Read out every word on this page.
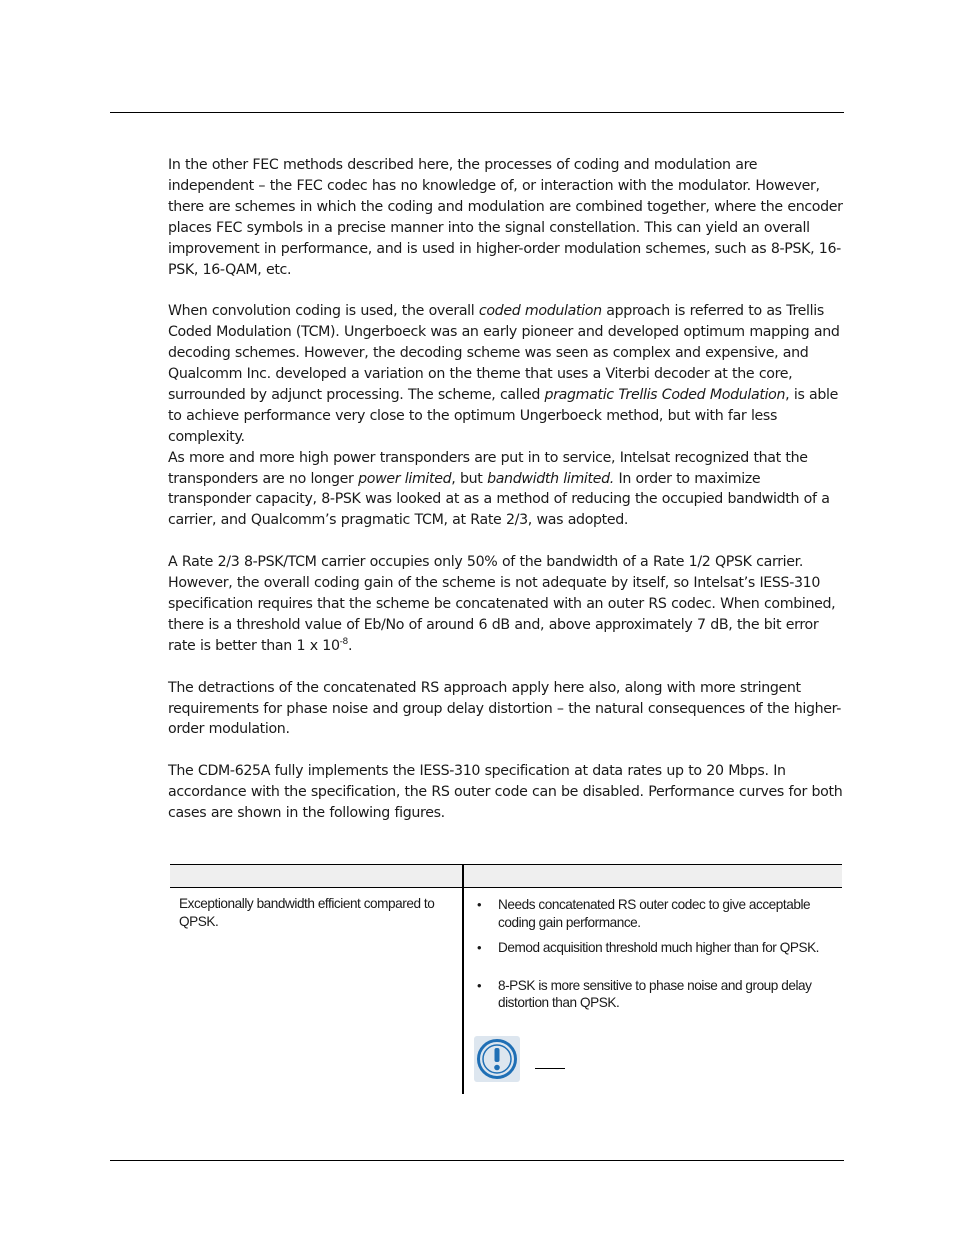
In the other FEC methods described here, the processes of coding and modulation are independent – the FEC codec has no knowledge of, or interaction with the modulator. However, there are schemes in which the coding and modulation are combined together, where the encoder places FEC symbols in a precise manner into the signal constellation. This can yield an overall improvement in performance, and is used in higher-order modulation schemes, such as 8-PSK, 16-PSK, 16-QAM, etc.

When convolution coding is used, the overall coded modulation approach is referred to as Trellis Coded Modulation (TCM). Ungerboeck was an early pioneer and developed optimum mapping and decoding schemes. However, the decoding scheme was seen as complex and expensive, and Qualcomm Inc. developed a variation on the theme that uses a Viterbi decoder at the core, surrounded by adjunct processing. The scheme, called pragmatic Trellis Coded Modulation, is able to achieve performance very close to the optimum Ungerboeck method, but with far less complexity.

As more and more high power transponders are put in to service, Intelsat recognized that the transponders are no longer power limited, but bandwidth limited. In order to maximize transponder capacity, 8-PSK was looked at as a method of reducing the occupied bandwidth of a carrier, and Qualcomm’s pragmatic TCM, at Rate 2/3, was adopted.

A Rate 2/3 8-PSK/TCM carrier occupies only 50% of the bandwidth of a Rate 1/2 QPSK carrier. However, the overall coding gain of the scheme is not adequate by itself, so Intelsat’s IESS-310 specification requires that the scheme be concatenated with an outer RS codec. When combined, there is a threshold value of Eb/No of around 6 dB and, above approximately 7 dB, the bit error rate is better than 1 x $10^{-8}$.

The detractions of the concatenated RS approach apply here also, along with more stringent requirements for phase noise and group delay distortion – the natural consequences of the higher-order modulation.

The CDM-625A fully implements the IESS-310 specification at data rates up to 20 Mbps. In accordance with the specification, the RS outer code can be disabled. Performance curves for both cases are shown in the following figures.

Exceptionally bandwidth efficient compared to QPSK.
• Needs concatenated RS outer codec to give acceptable coding gain performance.
• Demod acquisition threshold much higher than for QPSK.
• 8-PSK is more sensitive to phase noise and group delay distortion than QPSK.
